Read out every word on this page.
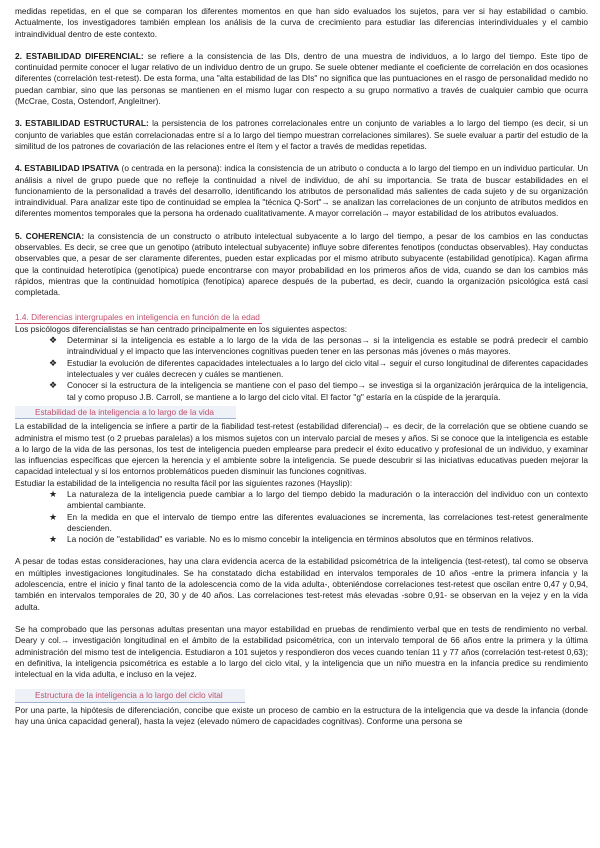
medidas repetidas, en el que se comparan los diferentes momentos en que han sido evaluados los sujetos, para ver si hay estabilidad o cambio. Actualmente, los investigadores también emplean los análisis de la curva de crecimiento para estudiar las diferencias interindividuales y el cambio intraindividual dentro de este contexto.

2. ESTABILIDAD DIFERENCIAL: se refiere a la consistencia de las DIs, dentro de una muestra de individuos, a lo largo del tiempo. Este tipo de continuidad permite conocer el lugar relativo de un individuo dentro de un grupo. Se suele obtener mediante el coeficiente de correlación en dos ocasiones diferentes (correlación test-retest). De esta forma, una "alta estabilidad de las DIs" no significa que las puntuaciones en el rasgo de personalidad medido no puedan cambiar, sino que las personas se mantienen en el mismo lugar con respecto a su grupo normativo a través de cualquier cambio que ocurra (McCrae, Costa, Ostendorf, Angleitner).

3. ESTABILIDAD ESTRUCTURAL: la persistencia de los patrones correlacionales entre un conjunto de variables a lo largo del tiempo (es decir, si un conjunto de variables que están correlacionadas entre sí a lo largo del tiempo muestran correlaciones similares). Se suele evaluar a partir del estudio de la similitud de los patrones de covariación de las relaciones entre el ítem y el factor a través de medidas repetidas.

4. ESTABILIDAD IPSATIVA (o centrada en la persona): indica la consistencia de un atributo o conducta a lo largo del tiempo en un individuo particular. Un análisis a nivel de grupo puede que no refleje la continuidad a nivel de individuo, de ahí su importancia. Se trata de buscar estabilidades en el funcionamiento de la personalidad a través del desarrollo, identificando los atributos de personalidad más salientes de cada sujeto y de su organización intraindividual. Para analizar este tipo de continuidad se emplea la "técnica Q-Sort"→ se analizan las correlaciones de un conjunto de atributos medidos en diferentes momentos temporales que la persona ha ordenado cualitativamente. A mayor correlación→ mayor estabilidad de los atributos evaluados.

5. COHERENCIA: la consistencia de un constructo o atributo intelectual subyacente a lo largo del tiempo, a pesar de los cambios en las conductas observables. Es decir, se cree que un genotipo (atributo intelectual subyacente) influye sobre diferentes fenotipos (conductas observables). Hay conductas observables que, a pesar de ser claramente diferentes, pueden estar explicadas por el mismo atributo subyacente (estabilidad genotípica). Kagan afirma que la continuidad heterotípica (genotípica) puede encontrarse con mayor probabilidad en los primeros años de vida, cuando se dan los cambios más rápidos, mientras que la continuidad homotípica (fenotípica) aparece después de la pubertad, es decir, cuando la organización psicológica está casi completada.

1.4. Diferencias intergrupales en inteligencia en función de la edad

Los psicólogos diferencialistas se han centrado principalmente en los siguientes aspectos:

❖ Determinar si la inteligencia es estable a lo largo de la vida de las personas→ si la inteligencia es estable se podrá predecir el cambio intraindividual y el impacto que las intervenciones cognitivas pueden tener en las personas más jóvenes o más mayores.
❖ Estudiar la evolución de diferentes capacidades intelectuales a lo largo del ciclo vital→ seguir el curso longitudinal de diferentes capacidades intelectuales y ver cuáles decrecen y cuáles se mantienen.
❖ Conocer si la estructura de la inteligencia se mantiene con el paso del tiempo→ se investiga si la organización jerárquica de la inteligencia, tal y como propuso J.B. Carroll, se mantiene a lo largo del ciclo vital. El factor "g" estaría en la cúspide de la jerarquía.
Estabilidad de la inteligencia a lo largo de la vida

La estabilidad de la inteligencia se infiere a partir de la fiabilidad test-retest (estabilidad diferencial)→ es decir, de la correlación que se obtiene cuando se administra el mismo test (o 2 pruebas paralelas) a los mismos sujetos con un intervalo parcial de meses y años. Si se conoce que la inteligencia es estable a lo largo de la vida de las personas, los test de inteligencia pueden emplearse para predecir el éxito educativo y profesional de un individuo, y examinar las influencias específicas que ejercen la herencia y el ambiente sobre la inteligencia. Se puede descubrir si las iniciativas educativas pueden mejorar la capacidad intelectual y si los entornos problemáticos pueden disminuir las funciones cognitivas.

Estudiar la estabilidad de la inteligencia no resulta fácil por las siguientes razones (Hayslip):

★ La naturaleza de la inteligencia puede cambiar a lo largo del tiempo debido la maduración o la interacción del individuo con un contexto ambiental cambiante.
★ En la medida en que el intervalo de tiempo entre las diferentes evaluaciones se incrementa, las correlaciones test-retest generalmente descienden.
★ La noción de "estabilidad" es variable. No es lo mismo concebir la inteligencia en términos absolutos que en términos relativos.

A pesar de todas estas consideraciones, hay una clara evidencia acerca de la estabilidad psicométrica de la inteligencia (test-retest), tal como se observa en múltiples investigaciones longitudinales. Se ha constatado dicha estabilidad en intervalos temporales de 10 años -entre la primera infancia y la adolescencia, entre el inicio y final tanto de la adolescencia como de la vida adulta-, obteniéndose correlaciones test-retest que oscilan entre 0,47 y 0,94, también en intervalos temporales de 20, 30 y de 40 años. Las correlaciones test-retest más elevadas -sobre 0,91- se observan en la vejez y en la vida adulta.

Se ha comprobado que las personas adultas presentan una mayor estabilidad en pruebas de rendimiento verbal que en tests de rendimiento no verbal. Deary y col.→ investigación longitudinal en el ámbito de la estabilidad psicométrica, con un intervalo temporal de 66 años entre la primera y la última administración del mismo test de inteligencia. Estudiaron a 101 sujetos y respondieron dos veces cuando tenían 11 y 77 años (correlación test-retest 0,63); en definitiva, la inteligencia psicométrica es estable a lo largo del ciclo vital, y la inteligencia que un niño muestra en la infancia predice su rendimiento intelectual en la vida adulta, e incluso en la vejez.

Estructura de la inteligencia a lo largo del ciclo vital

Por una parte, la hipótesis de diferenciación, concibe que existe un proceso de cambio en la estructura de la inteligencia que va desde la infancia (donde hay una única capacidad general), hasta la vejez (elevado número de capacidades cognitivas). Conforme una persona se
